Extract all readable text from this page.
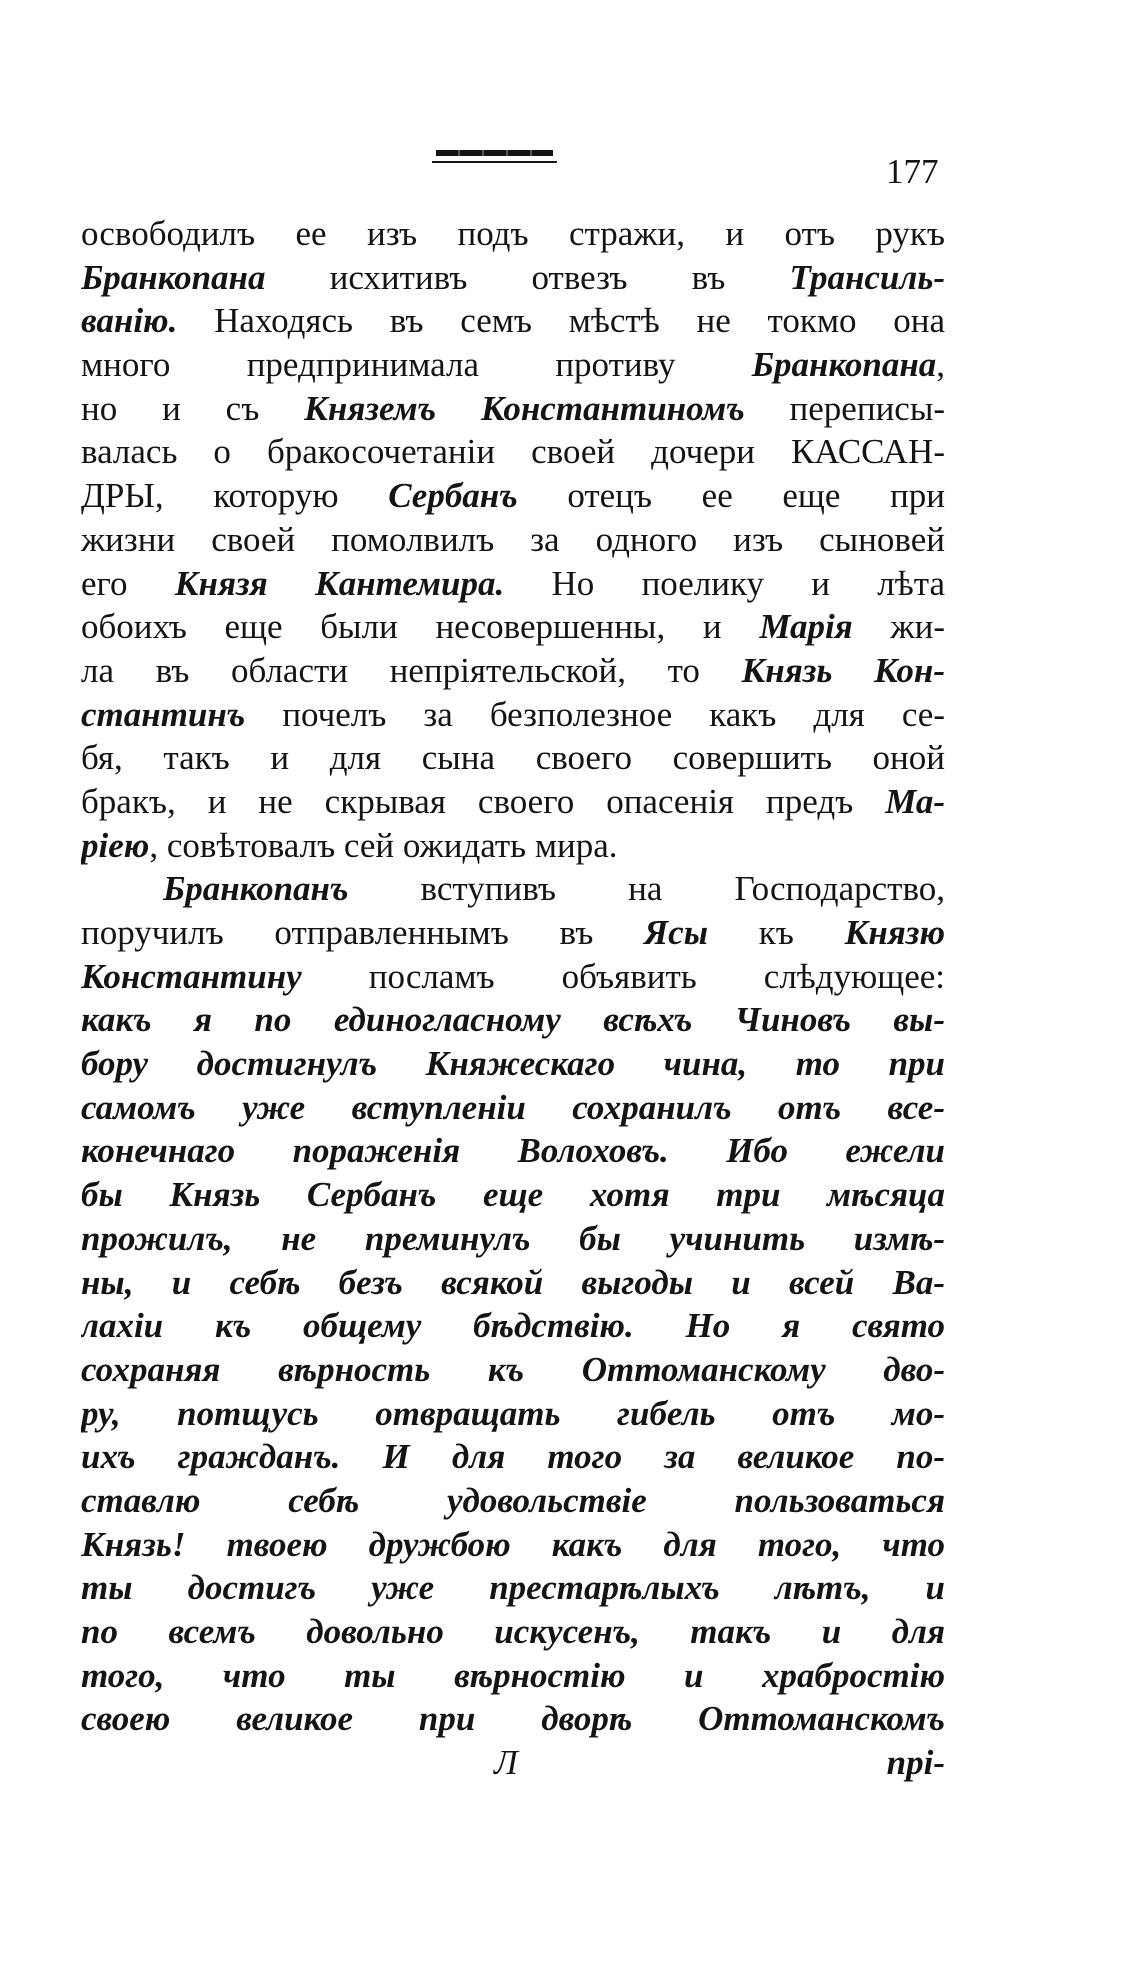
177
освободилъ ее изъ подъ стражи, и отъ рукъ
Бранкопана исхитивъ отвезъ въ Трансиль-
ванію. Находясь въ семъ мѣстѣ не токмо она
много предпринимала противу Бранкопана,
но и съ Княземъ Константиномъ переписы-
валась о бракосочетаніи своей дочери КАССАН-
ДРЫ, которую Сербанъ отецъ ее еще при
жизни своей помолвилъ за одного изъ сыновей
его Князя Кантемира. Но поелику и лѣта
обоихъ еще были несовершенны, и Марія жи-
ла въ области непріятельской, то Князь Кон-
стантинъ почелъ за безполезное какъ для се-
бя, такъ и для сына своего совершить оной
бракъ, и не скрывая своего опасенія предъ Ма-
ріею, совѣтовалъ сей ожидать мира.
Бранкопанъ вступивъ на Господарство,
поручилъ отправленнымъ въ Ясы къ Князю
Константину посламъ объявить слѣдующее:
какъ я по единогласному всѣхъ Чиновъ вы-
бору достигнулъ Княжескаго чина, то при
самомъ уже вступленіи сохранилъ отъ все-
конечнаго пораженія Волоховъ. Ибо ежели
бы Князь Сербанъ еще хотя три мѣсяца
прожилъ, не преминулъ бы учинить измѣ-
ны, и себѣ безъ всякой выгоды и всей Ва-
лахіи къ общему бѣдствію. Но я свято
сохраняя вѣрность къ Оттоманскому дво-
ру, потщусь отвращать гибель отъ мо-
ихъ гражданъ. И для того за великое по-
ставлю себѣ удовольствіе пользоваться
Князь! твоею дружбою какъ для того, что
ты достигъ уже престарѣлыхъ лѣтъ, и
по всемъ довольно искусенъ, такъ и для
того, что ты вѣрностію и храбростію
своею великое при дворѣ Оттоманскомъ
Л	прі-
